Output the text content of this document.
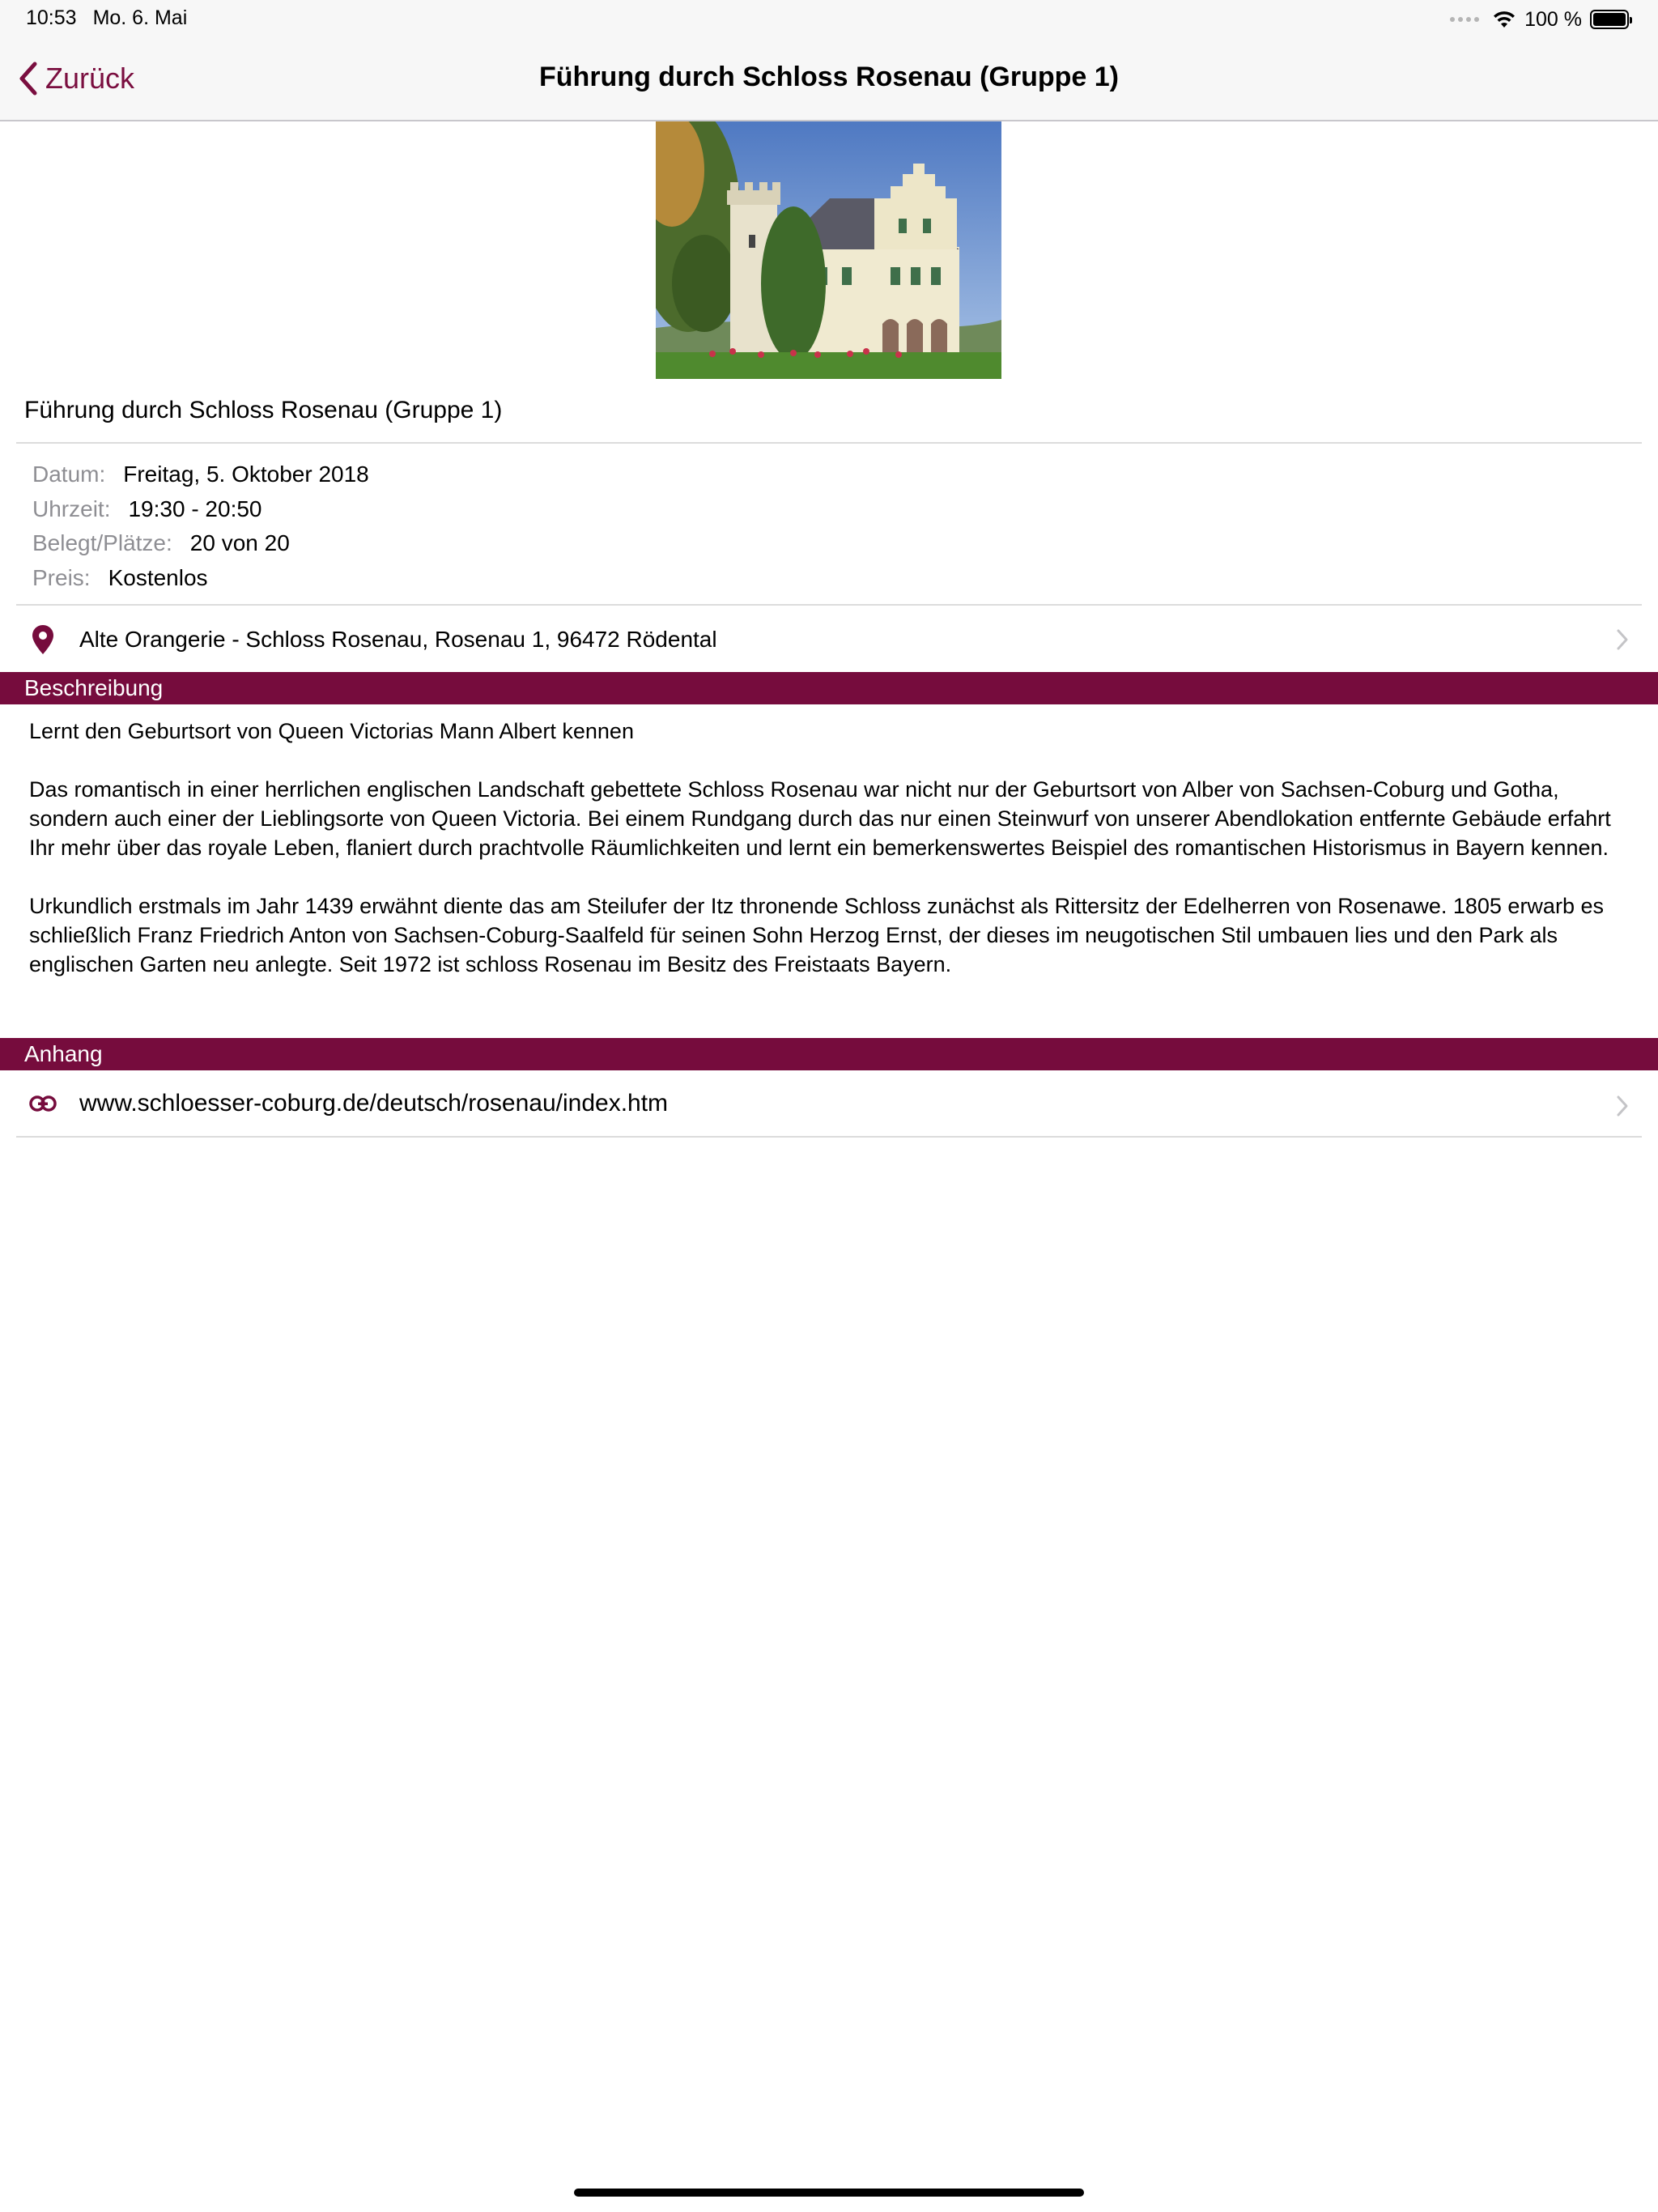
10:53 Mo. 6. Mai	100 %
Zurück	Führung durch Schloss Rosenau (Gruppe 1)
Führung durch Schloss Rosenau (Gruppe 1)
Datum: Freitag, 5. Oktober 2018
Uhrzeit: 19:30 - 20:50
Belegt/Plätze: 20 von 20
Preis: Kostenlos
Alte Orangerie - Schloss Rosenau, Rosenau 1, 96472 Rödental
Beschreibung

Lernt den Geburtsort von Queen Victorias Mann Albert kennen

Das romantisch in einer herrlichen englischen Landschaft gebettete Schloss Rosenau war nicht nur der Geburtsort von Alber von Sachsen-Coburg und Gotha, sondern auch einer der Lieblingsorte von Queen Victoria. Bei einem Rundgang durch das nur einen Steinwurf von unserer Abendlokation entfernte Gebäude erfahrt Ihr mehr über das royale Leben, flaniert durch prachtvolle Räumlichkeiten und lernt ein bemerkenswertes Beispiel des romantischen Historismus in Bayern kennen.

Urkundlich erstmals im Jahr 1439 erwähnt diente das am Steilufer der Itz thronende Schloss zunächst als Rittersitz der Edelherren von Rosenawe. 1805 erwarb es schließlich Franz Friedrich Anton von Sachsen-Coburg-Saalfeld für seinen Sohn Herzog Ernst, der dieses im neugotischen Stil umbauen lies und den Park als englischen Garten neu anlegte. Seit 1972 ist schloss Rosenau im Besitz des Freistaats Bayern.

Anhang
www.schloesser-coburg.de/deutsch/rosenau/index.htm
